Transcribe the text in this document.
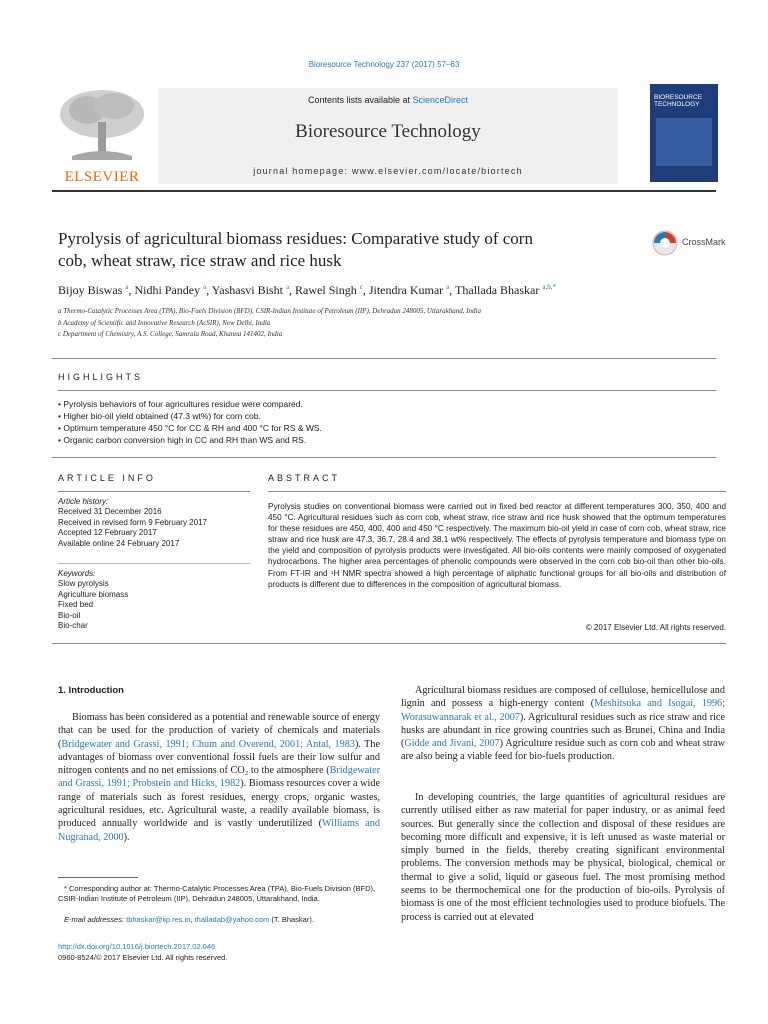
Bioresource Technology 237 (2017) 57–63
ELSEVIER
Contents lists available at ScienceDirect
Bioresource Technology
journal homepage: www.elsevier.com/locate/biortech
BIORESOURCE
TECHNOLOGY
Pyrolysis of agricultural biomass residues: Comparative study of corn
cob, wheat straw, rice straw and rice husk
CrossMark
Bijoy Biswas $^a$, Nidhi Pandey $^a$, Yashasvi Bisht $^a$, Rawel Singh $^c$, Jitendra Kumar $^a$, Thallada Bhaskar $^{a,b,*}$
a Thermo-Catalytic Processes Area (TPA), Bio-Fuels Division (BFD), CSIR-Indian Institute of Petroleum (IIP), Dehradun 248005, Uttarakhand, India
b Academy of Scientific and Innovative Research (AcSIR), New Delhi, India
c Department of Chemistry, A.S. College, Samrala Road, Khanna 141402, India
HIGHLIGHTS
• Pyrolysis behaviors of four agricultures residue were compared.
• Higher bio-oil yield obtained (47.3 wt%) for corn cob.
• Optimum temperature 450 °C for CC & RH and 400 °C for RS & WS.
• Organic carbon conversion high in CC and RH than WS and RS.
ARTICLE INFO
Article history:
Received 31 December 2016
Received in revised form 9 February 2017
Accepted 12 February 2017
Available online 24 February 2017
Keywords:
Slow pyrolysis
Agriculture biomass
Fixed bed
Bio-oil
Bio-char
ABSTRACT
Pyrolysis studies on conventional biomass were carried out in fixed bed reactor at different temperatures 300, 350, 400 and 450 °C. Agricultural residues such as corn cob, wheat straw, rice straw and rice husk showed that the optimum temperatures for these residues are 450, 400, 400 and 450 °C respectively. The maximum bio-oil yield in case of corn cob, wheat straw, rice straw and rice husk are 47.3, 36.7, 28.4 and 38.1 wt% respectively. The effects of pyrolysis temperature and biomass type on the yield and composition of pyrolysis products were investigated. All bio-oils contents were mainly composed of oxygenated hydrocarbons. The higher area percentages of phenolic compounds were observed in the corn cob bio-oil than other bio-oils. From FT-IR and ¹H NMR spectra showed a high percentage of aliphatic functional groups for all bio-oils and distribution of products is different due to differences in the composition of agricultural biomass.
© 2017 Elsevier Ltd. All rights reserved.
1. Introduction
Biomass has been considered as a potential and renewable source of energy that can be used for the production of variety of chemicals and materials (Bridgewater and Grassi, 1991; Chum and Overend, 2001; Antal, 1983). The advantages of biomass over conventional fossil fuels are their low sulfur and nitrogen contents and no net emissions of CO₂ to the atmosphere (Bridgewater and Grassi, 1991; Probstein and Hicks, 1982). Biomass resources cover a wide range of materials such as forest residues, energy crops, organic wastes, agricultural residues, etc. Agricultural waste, a readily available biomass, is produced annually worldwide and is vastly underutilized (Williams and Nugranad, 2000).
* Corresponding author at: Thermo-Catalytic Processes Area (TPA), Bio-Fuels Division (BFD), CSIR-Indian Institute of Petroleum (IIP), Dehradun 248005, Uttarakhand, India.
E-mail addresses: tbhaskar@iip.res.in, thalladab@yahoo.com (T. Bhaskar).
http://dx.doi.org/10.1016/j.biortech.2017.02.046
0960-8524/© 2017 Elsevier Ltd. All rights reserved.
Agricultural biomass residues are composed of cellulose, hemicellulose and lignin and possess a high-energy content (Meshitsuka and Isogai, 1996; Worasuwannarak et al., 2007). Agricultural residues such as rice straw and rice husks are abundant in rice growing countries such as Brunei, China and India (Gidde and Jivani, 2007) Agriculture residue such as corn cob and wheat straw are also being a viable feed for bio-fuels production.
In developing countries, the large quantities of agricultural residues are currently utilised either as raw material for paper industry, or as animal feed sources. But generally since the collection and disposal of these residues are becoming more difficult and expensive, it is left unused as waste material or simply burned in the fields, thereby creating significant environmental problems. The conversion methods may be physical, biological, chemical or thermal to give a solid, liquid or gaseous fuel. The most promising method seems to be thermochemical one for the production of bio-oils. Pyrolysis of biomass is one of the most efficient technologies used to produce biofuels. The process is carried out at elevated
